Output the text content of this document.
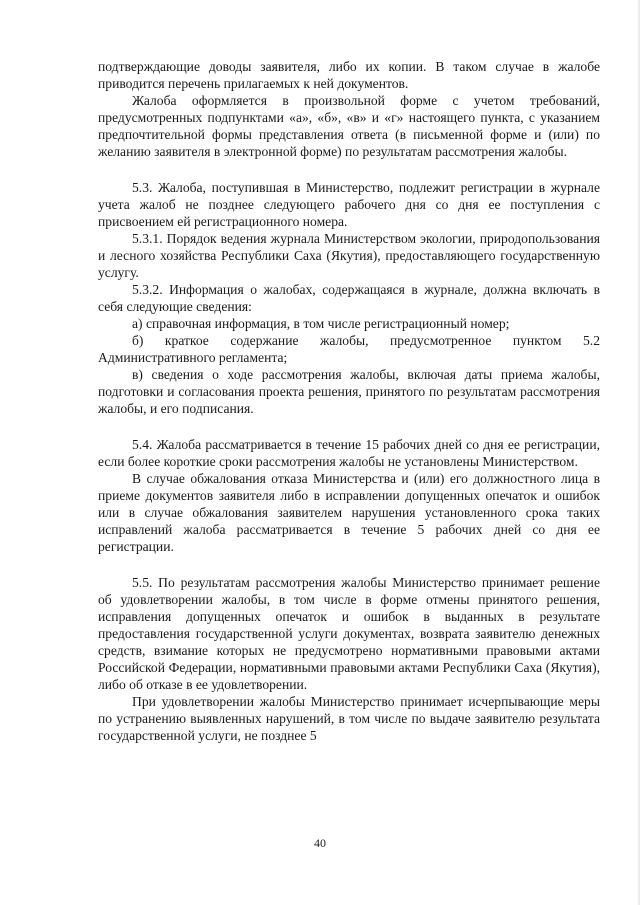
подтверждающие доводы заявителя, либо их копии. В таком случае в жалобе приводится перечень прилагаемых к ней документов.

Жалоба оформляется в произвольной форме с учетом требований, предусмотренных подпунктами «а», «б», «в» и «г» настоящего пункта, с указанием предпочтительной формы представления ответа (в письменной форме и (или) по желанию заявителя в электронной форме) по результатам рассмотрения жалобы.

5.3. Жалоба, поступившая в Министерство, подлежит регистрации в журнале учета жалоб не позднее следующего рабочего дня со дня ее поступления с присвоением ей регистрационного номера.

5.3.1. Порядок ведения журнала Министерством экологии, природопользования и лесного хозяйства Республики Саха (Якутия), предоставляющего государственную услугу.

5.3.2. Информация о жалобах, содержащаяся в журнале, должна включать в себя следующие сведения:

а) справочная информация, в том числе регистрационный номер;

б) краткое содержание жалобы, предусмотренное пунктом 5.2 Административного регламента;

в) сведения о ходе рассмотрения жалобы, включая даты приема жалобы, подготовки и согласования проекта решения, принятого по результатам рассмотрения жалобы, и его подписания.

5.4. Жалоба рассматривается в течение 15 рабочих дней со дня ее регистрации, если более короткие сроки рассмотрения жалобы не установлены Министерством.

В случае обжалования отказа Министерства и (или) его должностного лица в приеме документов заявителя либо в исправлении допущенных опечаток и ошибок или в случае обжалования заявителем нарушения установленного срока таких исправлений жалоба рассматривается в течение 5 рабочих дней со дня ее регистрации.

5.5. По результатам рассмотрения жалобы Министерство принимает решение об удовлетворении жалобы, в том числе в форме отмены принятого решения, исправления допущенных опечаток и ошибок в выданных в результате предоставления государственной услуги документах, возврата заявителю денежных средств, взимание которых не предусмотрено нормативными правовыми актами Российской Федерации, нормативными правовыми актами Республики Саха (Якутия), либо об отказе в ее удовлетворении.

При удовлетворении жалобы Министерство принимает исчерпывающие меры по устранению выявленных нарушений, в том числе по выдаче заявителю результата государственной услуги, не позднее 5

40
